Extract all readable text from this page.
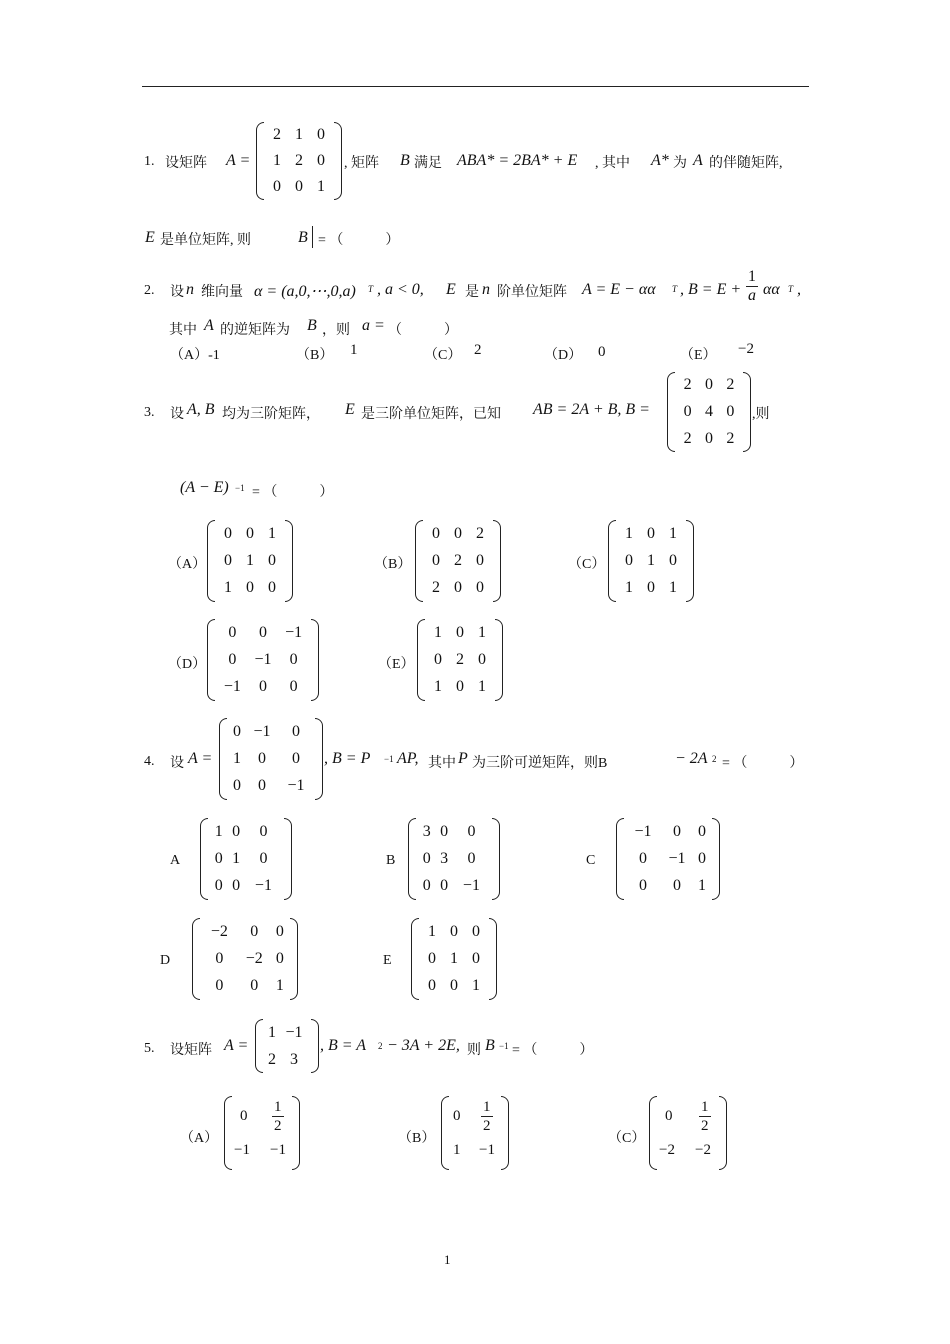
1. 设矩阵 A =
2	1	0
1	2	0
0	0	1
, 矩阵 B 满足 ABA* = 2BA* + E , 其中 A* 为 A 的伴随矩阵,
E 是单位矩阵, 则	B = （　　　）
2. 设 n 维向量 α = (a,0,⋯,0,a) T , a < 0, E 是 n 阶单位矩阵 A = E − αα T , $B = E + \frac{1}{a}$ αα T ,
其中 A 的逆矩阵为 B ，则 a = （　　　）
（A）-1	（B） 1	（C） 2	（D） 0	（E） −2
3. 设 A, B 均为三阶矩阵， E 是三阶单位矩阵，已知 AB = 2A + B, B =
2	0	2
0	4	0
2	0	2
,则
(A − E) −1 = （　　　）
（A）
0	0	1
0	1	0
1	0	0
（B）
0	0	2
0	2	0
2	0	0
（C）
1	0	1
0	1	0
1	0	1
（D）
0	0	−1
0	−1	0
−1	0	0
（E）
1	0	1
0	2	0
1	0	1
4. 设 A =
0	−1	0
1	0	0
0	0	−1
, B = P −1 AP, 其中 P 为三阶可逆矩阵，则B	− 2A 2 = （　　　）
A
1	0	0
0	1	0
0	0	−1
B
3	0	0
0	3	0
0	0	−1
C
−1	0	0
0	−1	0
0	0	1
D
−2	0	0
0	−2	0
0	0	1
E
1	0	0
0	1	0
0	0	1
5. 设矩阵 A =
1	−1
2	3
, B = A 2 − 3A + 2E, 则 B −1 = （　　　）
（A）
$0 \frac{1}{2}$
−1 −1
（B）
$0 \frac{1}{2}$
1 −1
（C）
$0 \frac{1}{2}$
−2 −2
1
